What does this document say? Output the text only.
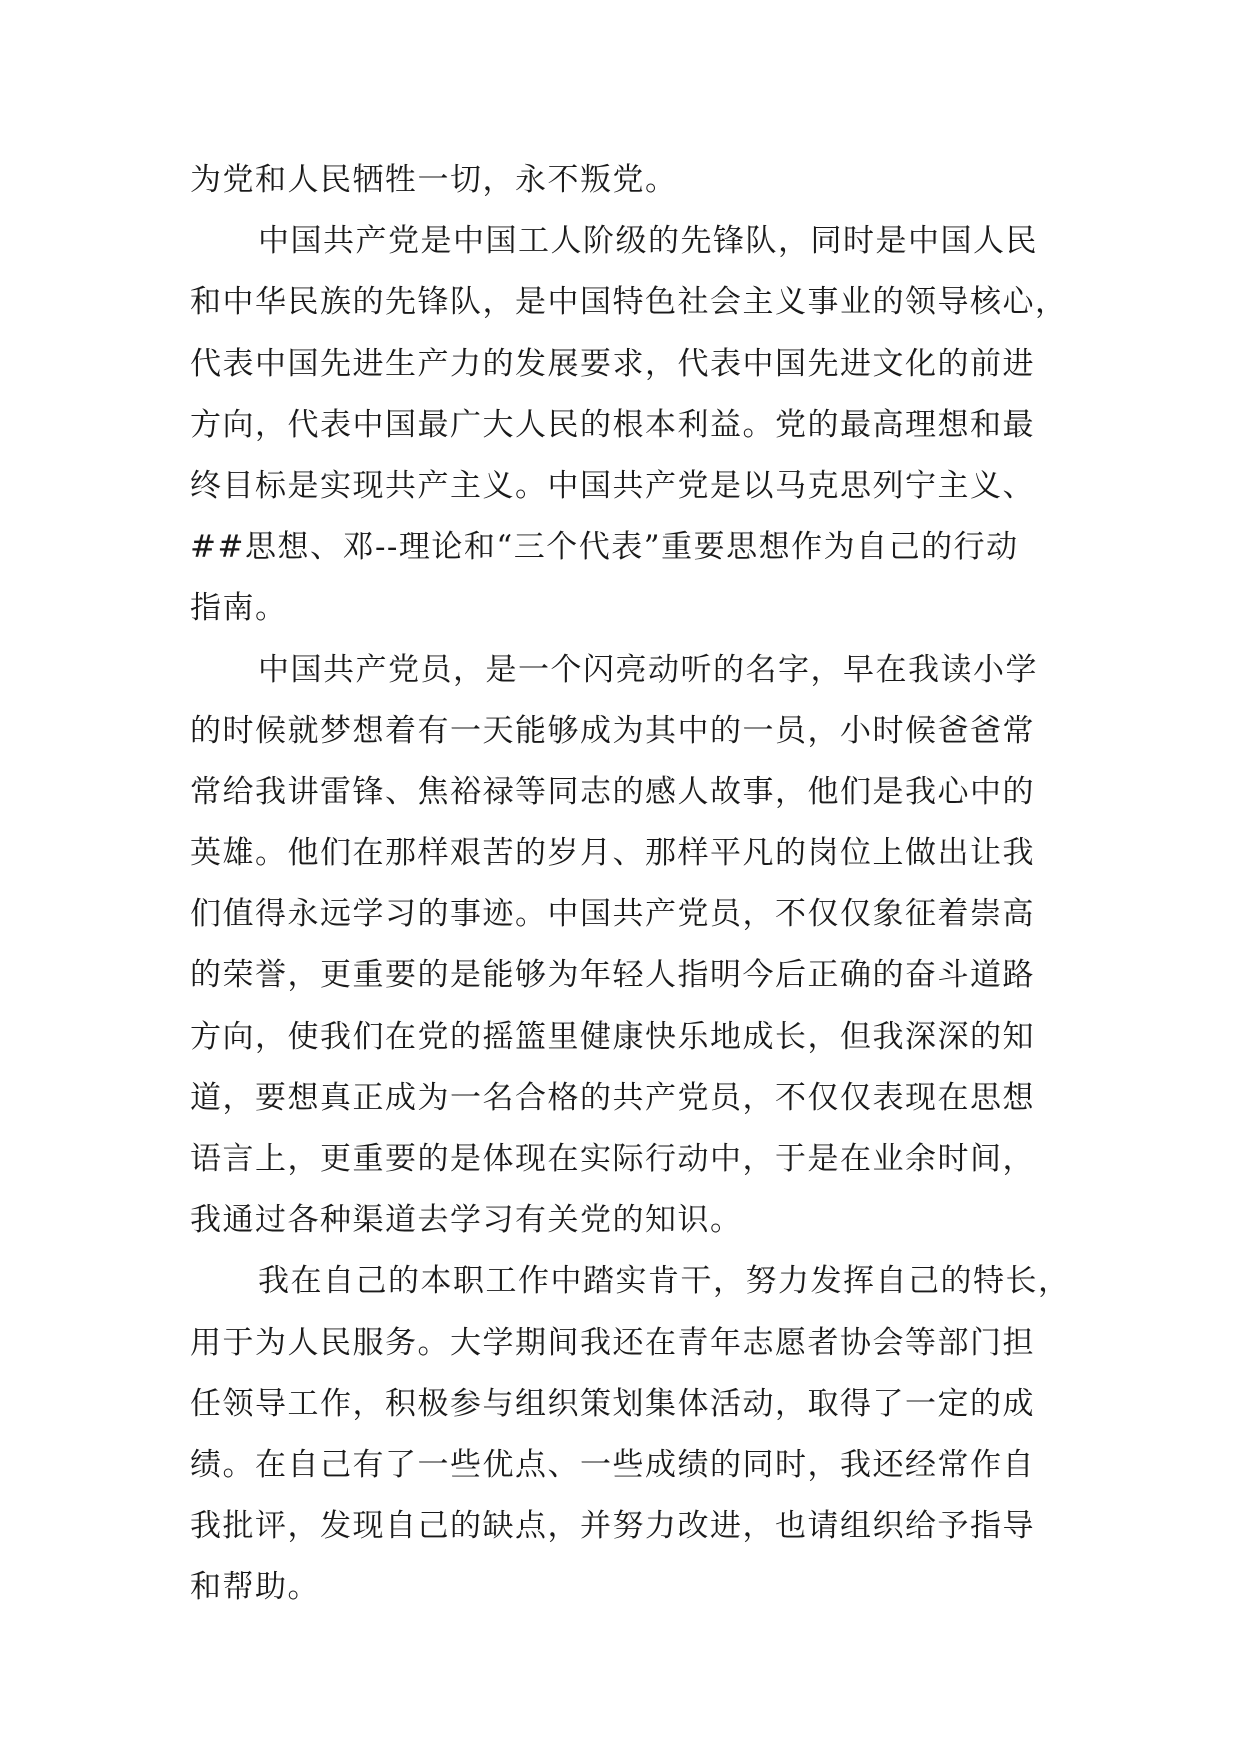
为党和人民牺牲一切，永不叛党。
中国共产党是中国工人阶级的先锋队，同时是中国人民
和中华民族的先锋队，是中国特色社会主义事业的领导核心，
代表中国先进生产力的发展要求，代表中国先进文化的前进
方向，代表中国最广大人民的根本利益。党的最高理想和最
终目标是实现共产主义。中国共产党是以马克思列宁主义、
##思想、邓--理论和“三个代表”重要思想作为自己的行动
指南。
中国共产党员，是一个闪亮动听的名字，早在我读小学
的时候就梦想着有一天能够成为其中的一员，小时候爸爸常
常给我讲雷锋、焦裕禄等同志的感人故事，他们是我心中的
英雄。他们在那样艰苦的岁月、那样平凡的岗位上做出让我
们值得永远学习的事迹。中国共产党员，不仅仅象征着崇高
的荣誉，更重要的是能够为年轻人指明今后正确的奋斗道路
方向，使我们在党的摇篮里健康快乐地成长，但我深深的知
道，要想真正成为一名合格的共产党员，不仅仅表现在思想
语言上，更重要的是体现在实际行动中，于是在业余时间，
我通过各种渠道去学习有关党的知识。
我在自己的本职工作中踏实肯干，努力发挥自己的特长，
用于为人民服务。大学期间我还在青年志愿者协会等部门担
任领导工作，积极参与组织策划集体活动，取得了一定的成
绩。在自己有了一些优点、一些成绩的同时，我还经常作自
我批评，发现自己的缺点，并努力改进，也请组织给予指导
和帮助。
